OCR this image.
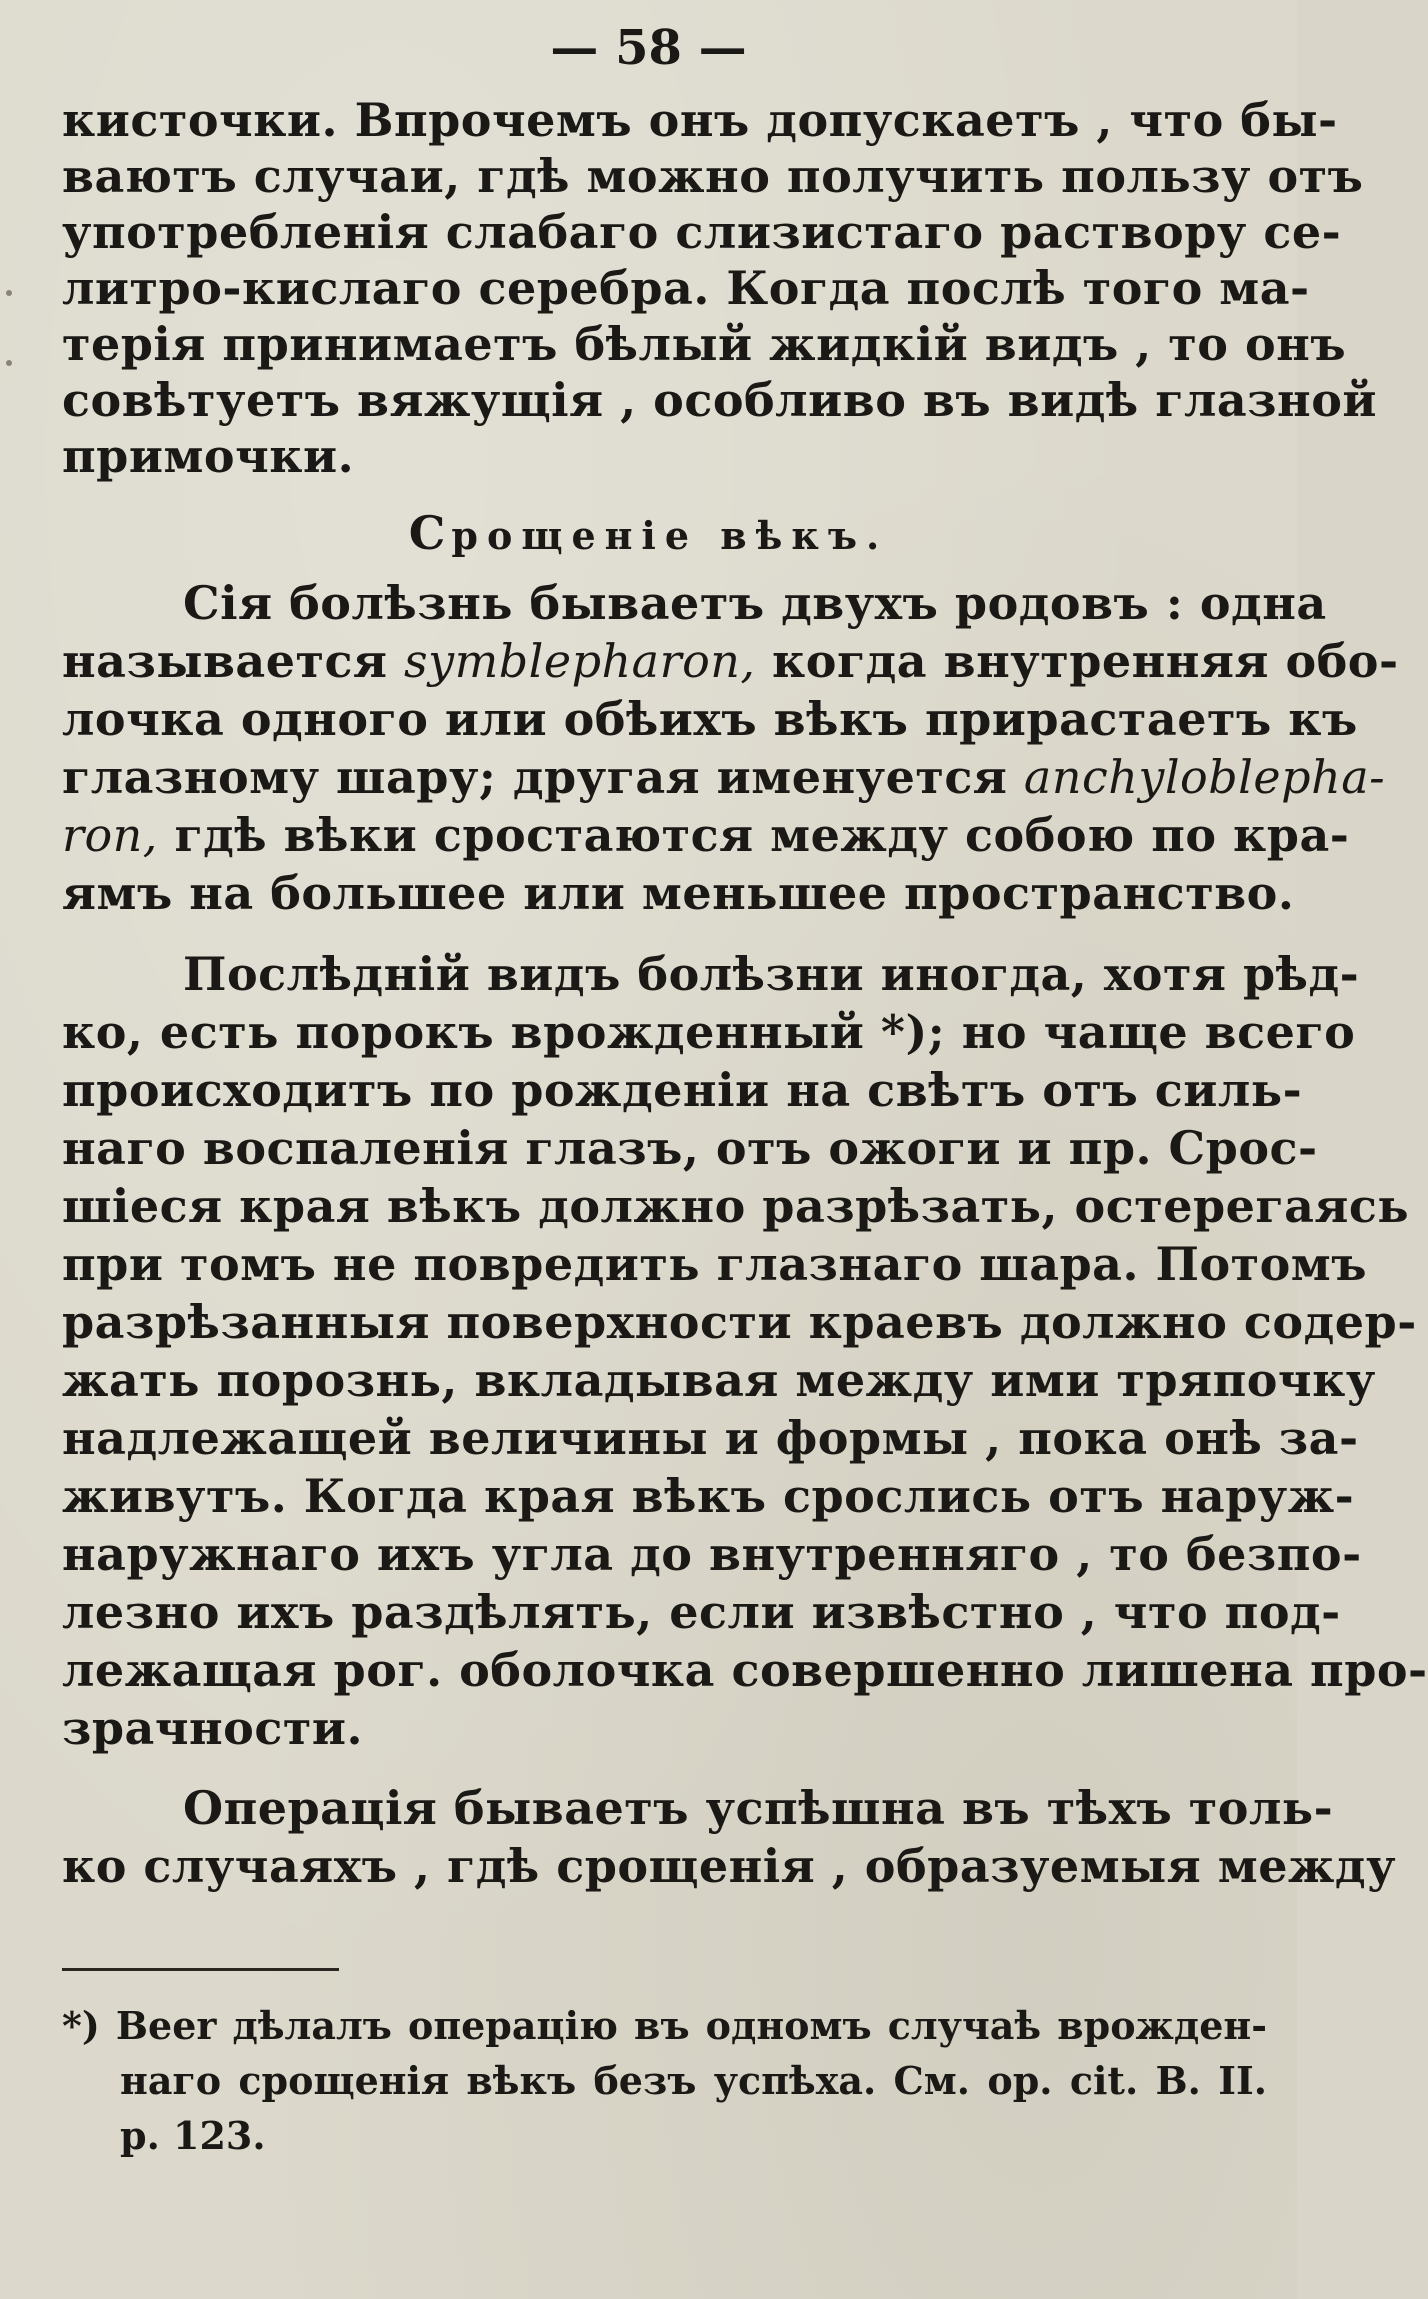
— 58 —
кисточки. Впрочемъ онъ допускаетъ , что бы-
ваютъ случаи, гдѣ можно получить пользу отъ
употребленія слабаго слизистаго раствору се-
литро-кислаго серебра. Когда послѣ того ма-
терія принимаетъ бѣлый жидкій видъ , то онъ
совѣтуетъ вяжущія , особливо въ видѣ глазной
примочки.
Срощеніе вѣкъ.
Сія болѣзнь бываетъ двухъ родовъ : одна
называется symblepharon, когда внутренняя обо-
лочка одного или обѣихъ вѣкъ прирастаетъ къ
глазному шару; другая именуется anchyloblepha-
ron, гдѣ вѣки сростаются между собою по кра-
ямъ на большее или меньшее пространство.
Послѣдній видъ болѣзни иногда, хотя рѣд-
ко, есть порокъ врожденный *); но чаще всего
происходитъ по рожденіи на свѣтъ отъ силь-
наго воспаленія глазъ, отъ ожоги и пр. Срос-
шіеся края вѣкъ должно разрѣзать, остерегаясь
при томъ не повредить глазнаго шара. Потомъ
разрѣзанныя поверхности краевъ должно содер-
жать порознь, вкладывая между ими тряпочку
надлежащей величины и формы , пока онѣ за-
живутъ. Когда края вѣкъ срослись отъ наруж-
наружнаго ихъ угла до внутренняго , то безпо-
лезно ихъ раздѣлять, если извѣстно , что под-
лежащая рог. оболочка совершенно лишена про-
зрачности.
Операція бываетъ успѣшна въ тѣхъ толь-
ко случаяхъ , гдѣ срощенія , образуемыя между
*) Beer дѣлалъ операцію въ одномъ случаѣ врожден-
наго срощенія вѣкъ безъ успѣха. См. op. cit. B. II.
p. 123.
